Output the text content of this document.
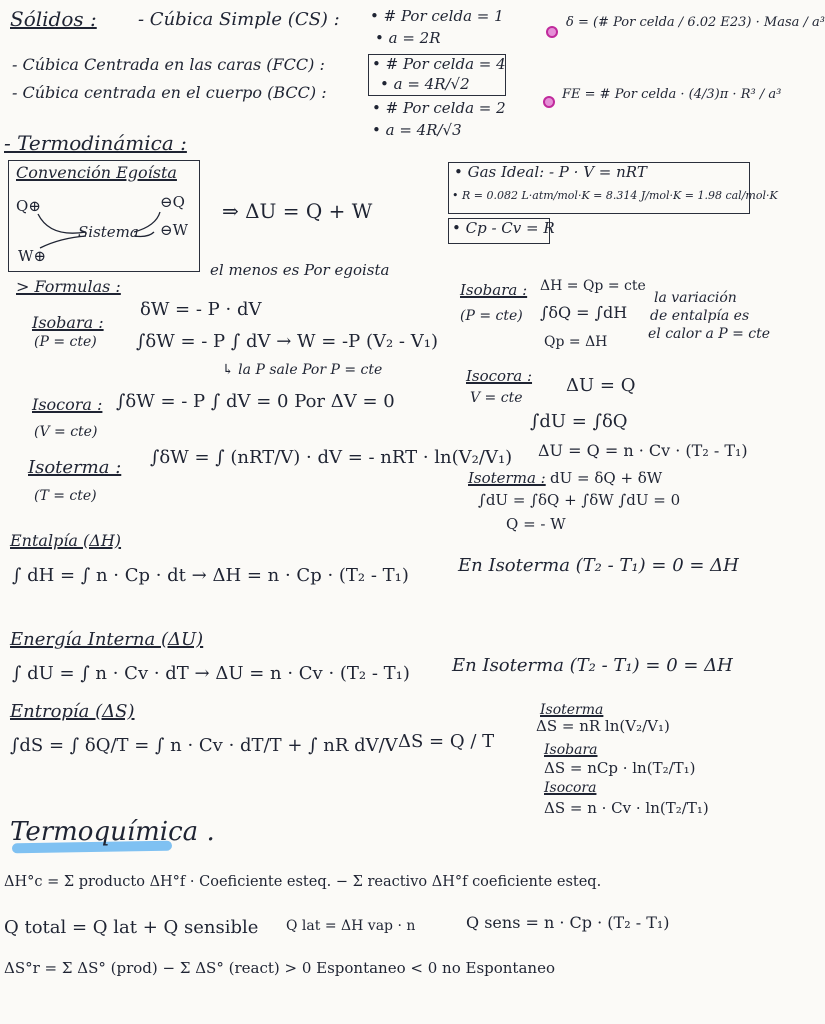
Sólidos : - Cúbica Simple (CS) : • # Por celda = 1
• a = 2R
- Cúbica Centrada en las caras (FCC) :	• # Por celda = 4
• a = 4R/√2
- Cúbica centrada en el cuerpo (BCC) :
• # Por celda = 2
• a = 4R/√3
δ = (# Por celda / 6.02 E23) · Masa / a³
FE = # Por celda · (4/3)π · R³ / a³
- Termodinámica :
Convención Egoísta
Q⊕	⊖Q
Sistema ⊖W
W⊕
⇒ ΔU = Q + W
• Gas Ideal: - P · V = nRT
• R = 0.082 L·atm/mol·K = 8.314 J/mol·K = 1.98 cal/mol·K
• Cp - Cv = R
el menos es Por egoista
> Formulas :
Isobara :
(P = cte)
δW = - P · dV
∫δW = - P ∫ dV → W = -P (V₂ - V₁)
↳ la P sale Por P = cte
Isocora :
(V = cte)
∫δW = - P ∫ dV = 0 Por ΔV = 0
Isoterma :
(T = cte)
∫δW = ∫ (nRT/V) · dV = - nRT · ln(V₂/V₁)
Isobara :
(P = cte)
ΔH = Qp = cte
∫δQ = ∫dH
Qp = ΔH
la variación
de entalpía es
el calor a P = cte
Isocora :
V = cte
ΔU = Q
∫dU = ∫δQ
ΔU = Q = n · Cv · (T₂ - T₁)
Isoterma : dU = δQ + δW
∫dU = ∫δQ + ∫δW ∫dU = 0
Q = - W
Entalpía (ΔH)
∫ dH = ∫ n · Cp · dt → ΔH = n · Cp · (T₂ - T₁)	En Isoterma (T₂ - T₁) = 0 = ΔH
Energía Interna (ΔU)
∫ dU = ∫ n · Cv · dT → ΔU = n · Cv · (T₂ - T₁) En Isoterma (T₂ - T₁) = 0 = ΔH
Entropía (ΔS)
∫dS = ∫ δQ/T = ∫ n · Cv · dT/T + ∫ nR dV/V ΔS = Q / T
Isoterma
ΔS = nR ln(V₂/V₁)
Isobara
ΔS = nCp · ln(T₂/T₁)
Isocora
ΔS = n · Cv · ln(T₂/T₁)
Termoquímica .
ΔH°c = Σ producto ΔH°f · Coeficiente esteq. − Σ reactivo ΔH°f coeficiente esteq.
Q total = Q lat + Q sensible Q lat = ΔH vap · n	Q sens = n · Cp · (T₂ - T₁)
ΔS°r = Σ ΔS° (prod) − Σ ΔS° (react) > 0 Espontaneo < 0 no Espontaneo
